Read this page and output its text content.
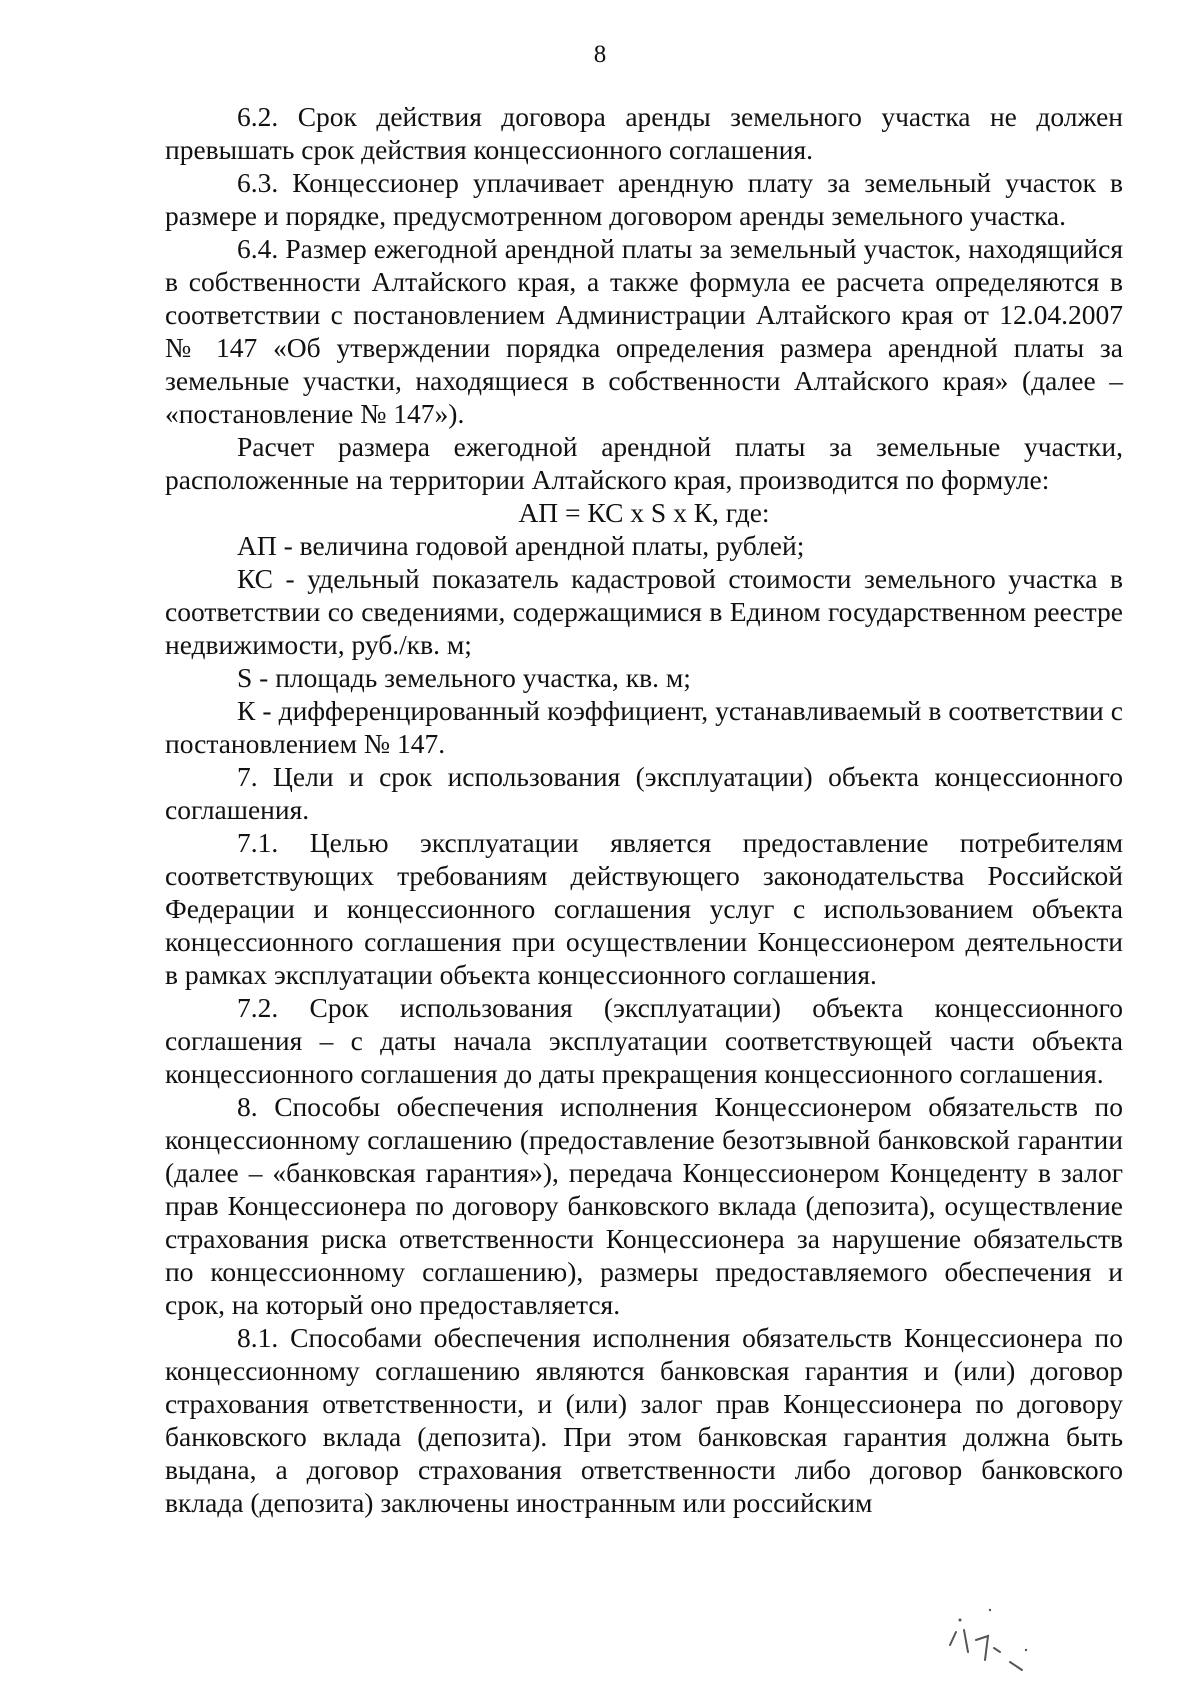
8

6.2. Срок действия договора аренды земельного участка не должен превышать срок действия концессионного соглашения.

6.3. Концессионер уплачивает арендную плату за земельный участок в размере и порядке, предусмотренном договором аренды земельного участка.

6.4. Размер ежегодной арендной платы за земельный участок, находящийся в собственности Алтайского края, а также формула ее расчета определяются в соответствии с постановлением Администрации Алтайского края от 12.04.2007 № 147 «Об утверждении порядка определения размера арендной платы за земельные участки, находящиеся в собственности Алтайского края» (далее – «постановление № 147»).

Расчет размера ежегодной арендной платы за земельные участки, расположенные на территории Алтайского края, производится по формуле:

АП = КС x S x К, где:

АП - величина годовой арендной платы, рублей;

КС - удельный показатель кадастровой стоимости земельного участка в соответствии со сведениями, содержащимися в Едином государственном реестре недвижимости, руб./кв. м;

S - площадь земельного участка, кв. м;

К - дифференцированный коэффициент, устанавливаемый в соответствии с постановлением № 147.

7. Цели и срок использования (эксплуатации) объекта концессионного соглашения.

7.1. Целью эксплуатации является предоставление потребителям соответствующих требованиям действующего законодательства Российской Федерации и концессионного соглашения услуг с использованием объекта концессионного соглашения при осуществлении Концессионером деятельности в рамках эксплуатации объекта концессионного соглашения.

7.2. Срок использования (эксплуатации) объекта концессионного соглашения – с даты начала эксплуатации соответствующей части объекта концессионного соглашения до даты прекращения концессионного соглашения.

8. Способы обеспечения исполнения Концессионером обязательств по концессионному соглашению (предоставление безотзывной банковской гарантии (далее – «банковская гарантия»), передача Концессионером Концеденту в залог прав Концессионера по договору банковского вклада (депозита), осуществление страхования риска ответственности Концессионера за нарушение обязательств по концессионному соглашению), размеры предоставляемого обеспечения и срок, на который оно предоставляется.

8.1. Способами обеспечения исполнения обязательств Концессионера по концессионному соглашению являются банковская гарантия и (или) договор страхования ответственности, и (или) залог прав Концессионера по договору банковского вклада (депозита). При этом банковская гарантия должна быть выдана, а договор страхования ответственности либо договор банковского вклада (депозита) заключены иностранным или российским
